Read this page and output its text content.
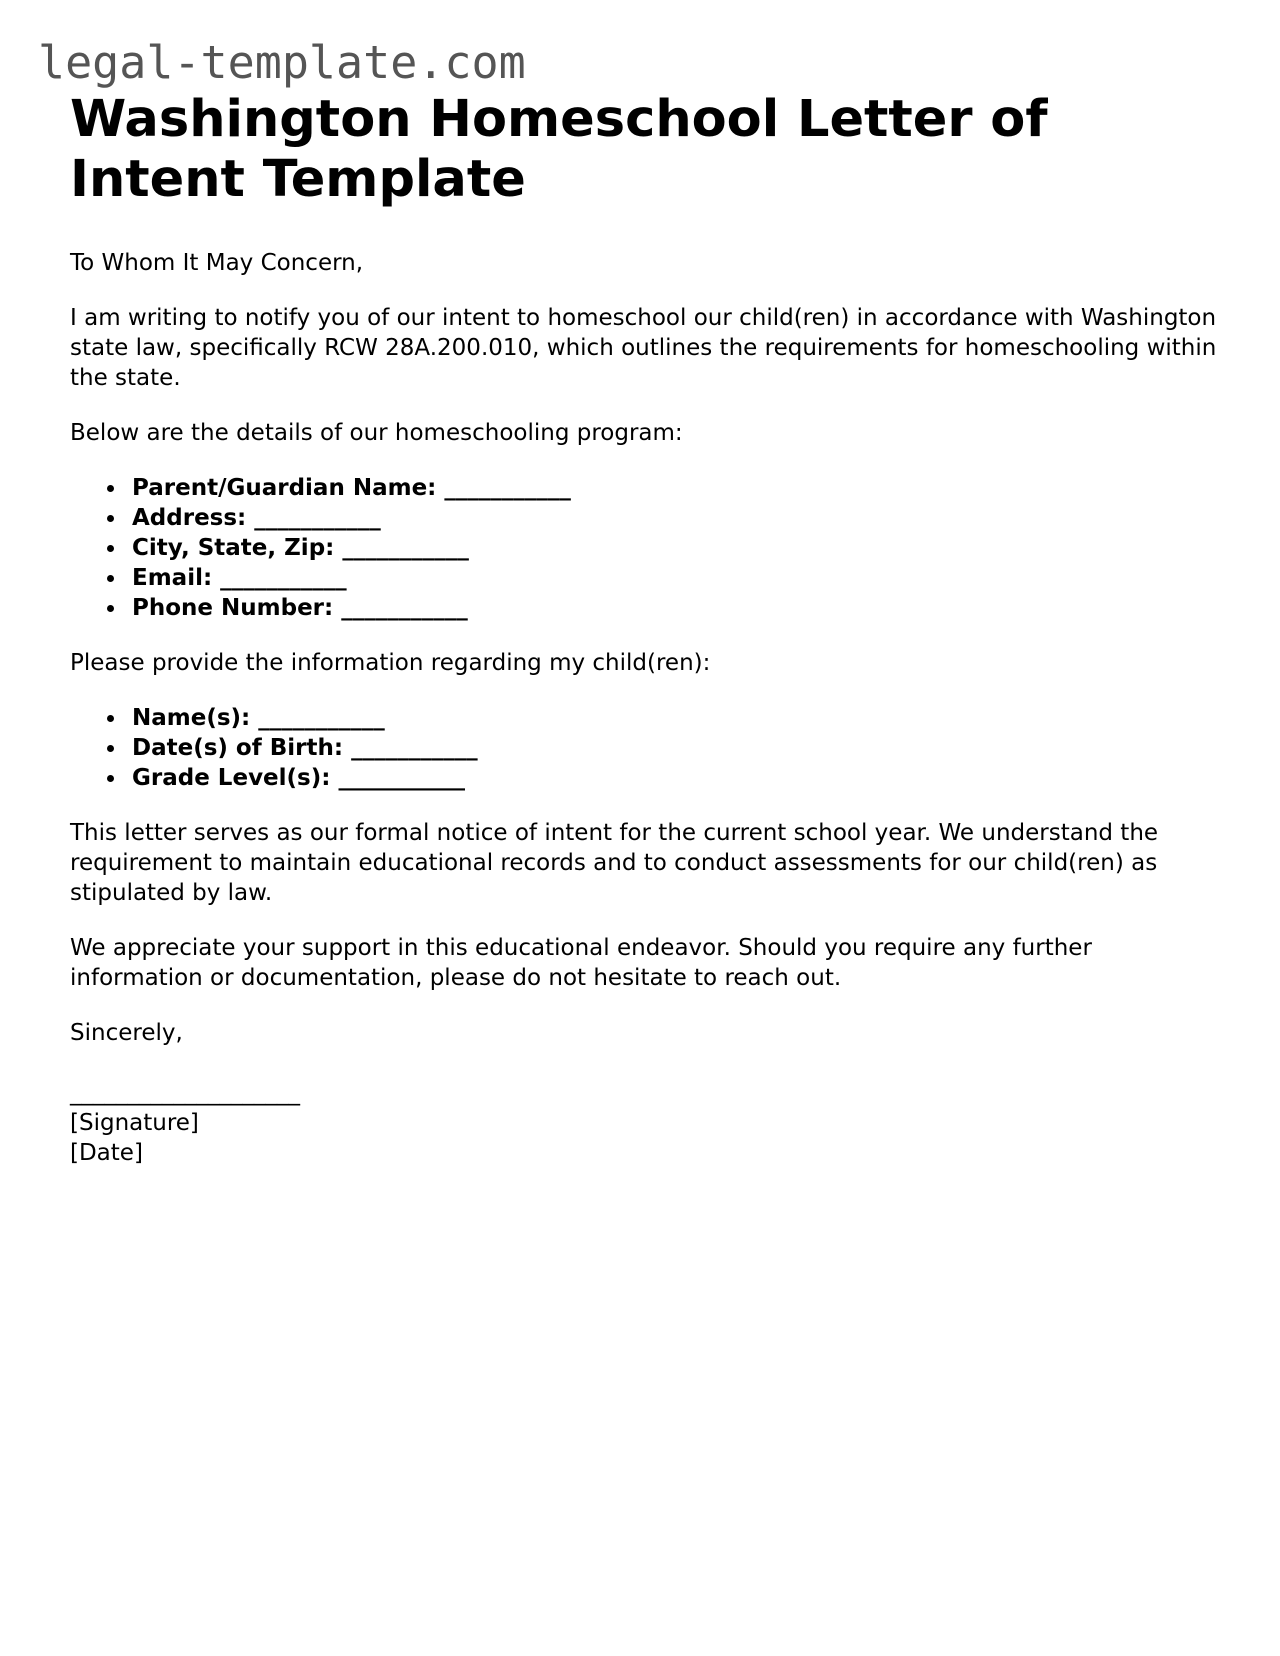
legal-template.com
Washington Homeschool Letter of Intent Template

To Whom It May Concern,

I am writing to notify you of our intent to homeschool our child(ren) in accordance with Washington state law, specifically RCW 28A.200.010, which outlines the requirements for homeschooling within the state.

Below are the details of our homeschooling program:

Parent/Guardian Name: ___________
Address: ___________
City, State, Zip: ___________
Email: ___________
Phone Number: ___________

Please provide the information regarding my child(ren):

Name(s): ___________
Date(s) of Birth: ___________
Grade Level(s): ___________

This letter serves as our formal notice of intent for the current school year. We understand the requirement to maintain educational records and to conduct assessments for our child(ren) as stipulated by law.

We appreciate your support in this educational endeavor. Should you require any further information or documentation, please do not hesitate to reach out.

Sincerely,

____________________
[Signature]
[Date]
